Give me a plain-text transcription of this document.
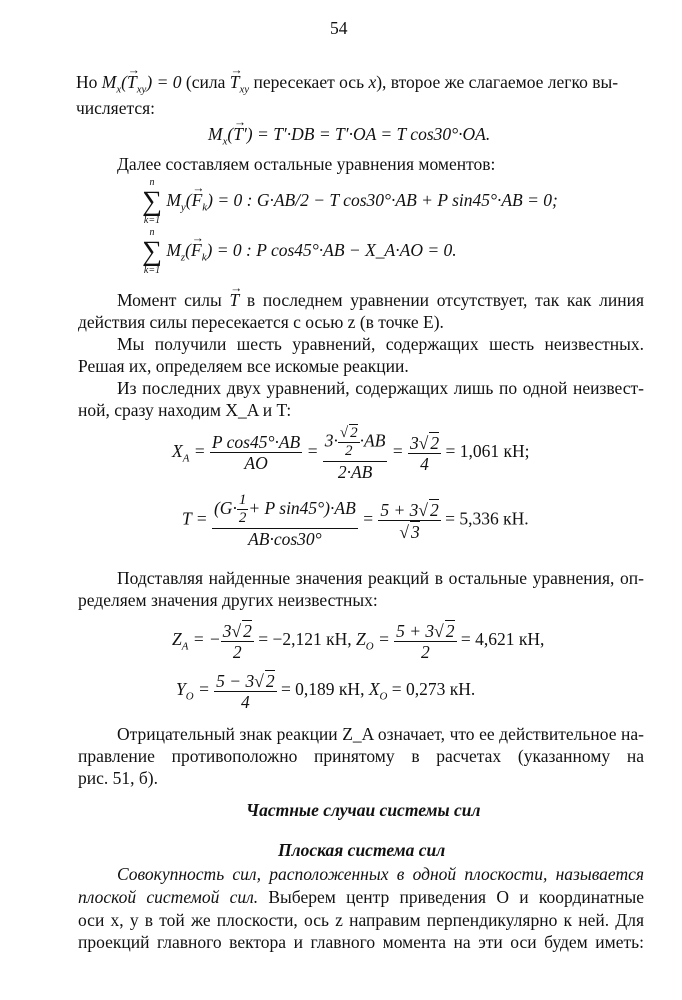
54
Но $M_x(\to T_{xy}) = 0$ (сила → $T_{xy}$ пересекает ось x), второе же слагаемое легко вы-
числяется:
$M_x(\to T') = T'\cdot DB = T'\cdot OA = T$ cos30°·OA.
Далее составляем остальные уравнения моментов:
n
∑
k=1
$M_y(\to F_k) = 0$ : G·AB/2 − T cos30°·AB + P sin45°·AB = 0;
n
∑
k=1
$M_z(\to F_k) = 0$ : P cos45°·AB − X_A·AO = 0.
Момент силы → T в последнем уравнении отсутствует, так как линия
действия силы пересекается с осью z (в точке E).
Мы получили шесть уравнений, содержащих шесть неизвестных.
Решая их, определяем все искомые реакции.
Из последних двух уравнений, содержащих лишь по одной неизвест-
ной, сразу находим X_A и T:
$X_A = \frac{\text{P cos45°·AB}}{AO} = \frac{3\cdot \frac{√ 2}{2} \cdot AB}{2\cdot AB} = \frac{3√ 2}{4} = 1,061$ кН;
$T = \frac{(G\cdot \frac{1}{2} + P \sin 45^\circ)\cdot AB}{AB\cdot\cos 30^\circ} = \frac{5 + 3√ 2}{√ 3} = 5,336$ кН.
Подставляя найденные значения реакций в остальные уравнения, оп-
ределяем значения других неизвестных:
$Z_A$ = − $\frac{3√ 2}{2} = -2,121$ кН, $Z_O = \frac{5 + 3√ 2}{2} = 4,621$ кН,
$Y_O = \frac{5 - 3√ 2}{4} = 0,189$ кН, $X_O = 0,273$ кН.
Отрицательный знак реакции Z_A означает, что ее действительное на-
правление противоположно принятому в расчетах (указанному на
рис. 51, б).
Частные случаи системы сил
Плоская система сил
Совокупность сил, расположенных в одной плоскости, называется
плоской системой сил. Выберем центр приведения O и координатные
оси x, y в той же плоскости, ось z направим перпендикулярно к ней. Для
проекций главного вектора и главного момента на эти оси будем иметь:
